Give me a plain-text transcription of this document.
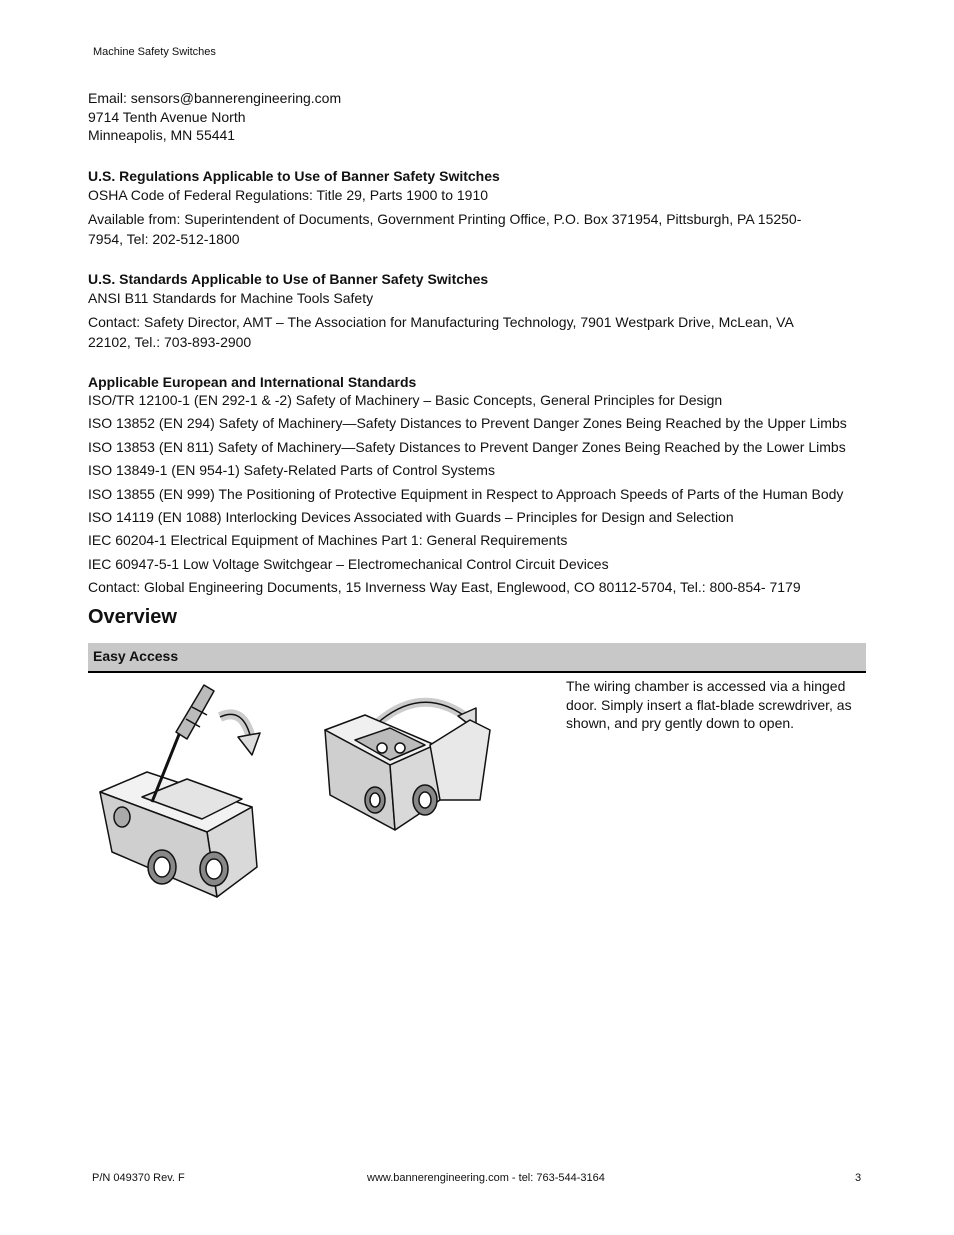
Machine Safety Switches
Email: sensors@bannerengineering.com
9714 Tenth Avenue North
Minneapolis, MN 55441
U.S. Regulations Applicable to Use of Banner Safety Switches
OSHA Code of Federal Regulations: Title 29, Parts 1900 to 1910
Available from: Superintendent of Documents, Government Printing Office, P.O. Box 371954, Pittsburgh, PA 15250-7954, Tel: 202-512-1800
U.S. Standards Applicable to Use of Banner Safety Switches
ANSI B11 Standards for Machine Tools Safety
Contact: Safety Director, AMT – The Association for Manufacturing Technology, 7901 Westpark Drive, McLean, VA 22102, Tel.: 703-893-2900
Applicable European and International Standards
ISO/TR 12100-1 (EN 292-1 & -2) Safety of Machinery – Basic Concepts, General Principles for Design
ISO 13852 (EN 294) Safety of Machinery—Safety Distances to Prevent Danger Zones Being Reached by the Upper Limbs
ISO 13853 (EN 811) Safety of Machinery—Safety Distances to Prevent Danger Zones Being Reached by the Lower Limbs
ISO 13849-1 (EN 954-1) Safety-Related Parts of Control Systems
ISO 13855 (EN 999) The Positioning of Protective Equipment in Respect to Approach Speeds of Parts of the Human Body
ISO 14119 (EN 1088) Interlocking Devices Associated with Guards – Principles for Design and Selection
IEC 60204-1 Electrical Equipment of Machines Part 1: General Requirements
IEC 60947-5-1 Low Voltage Switchgear – Electromechanical Control Circuit Devices
Contact: Global Engineering Documents, 15 Inverness Way East, Englewood, CO 80112-5704, Tel.: 800-854- 7179
Overview
Easy Access
The wiring chamber is accessed via a hinged door. Simply insert a flat-blade screwdriver, as shown, and pry gently down to open.
P/N 049370 Rev. F	www.bannerengineering.com - tel: 763-544-3164	3
